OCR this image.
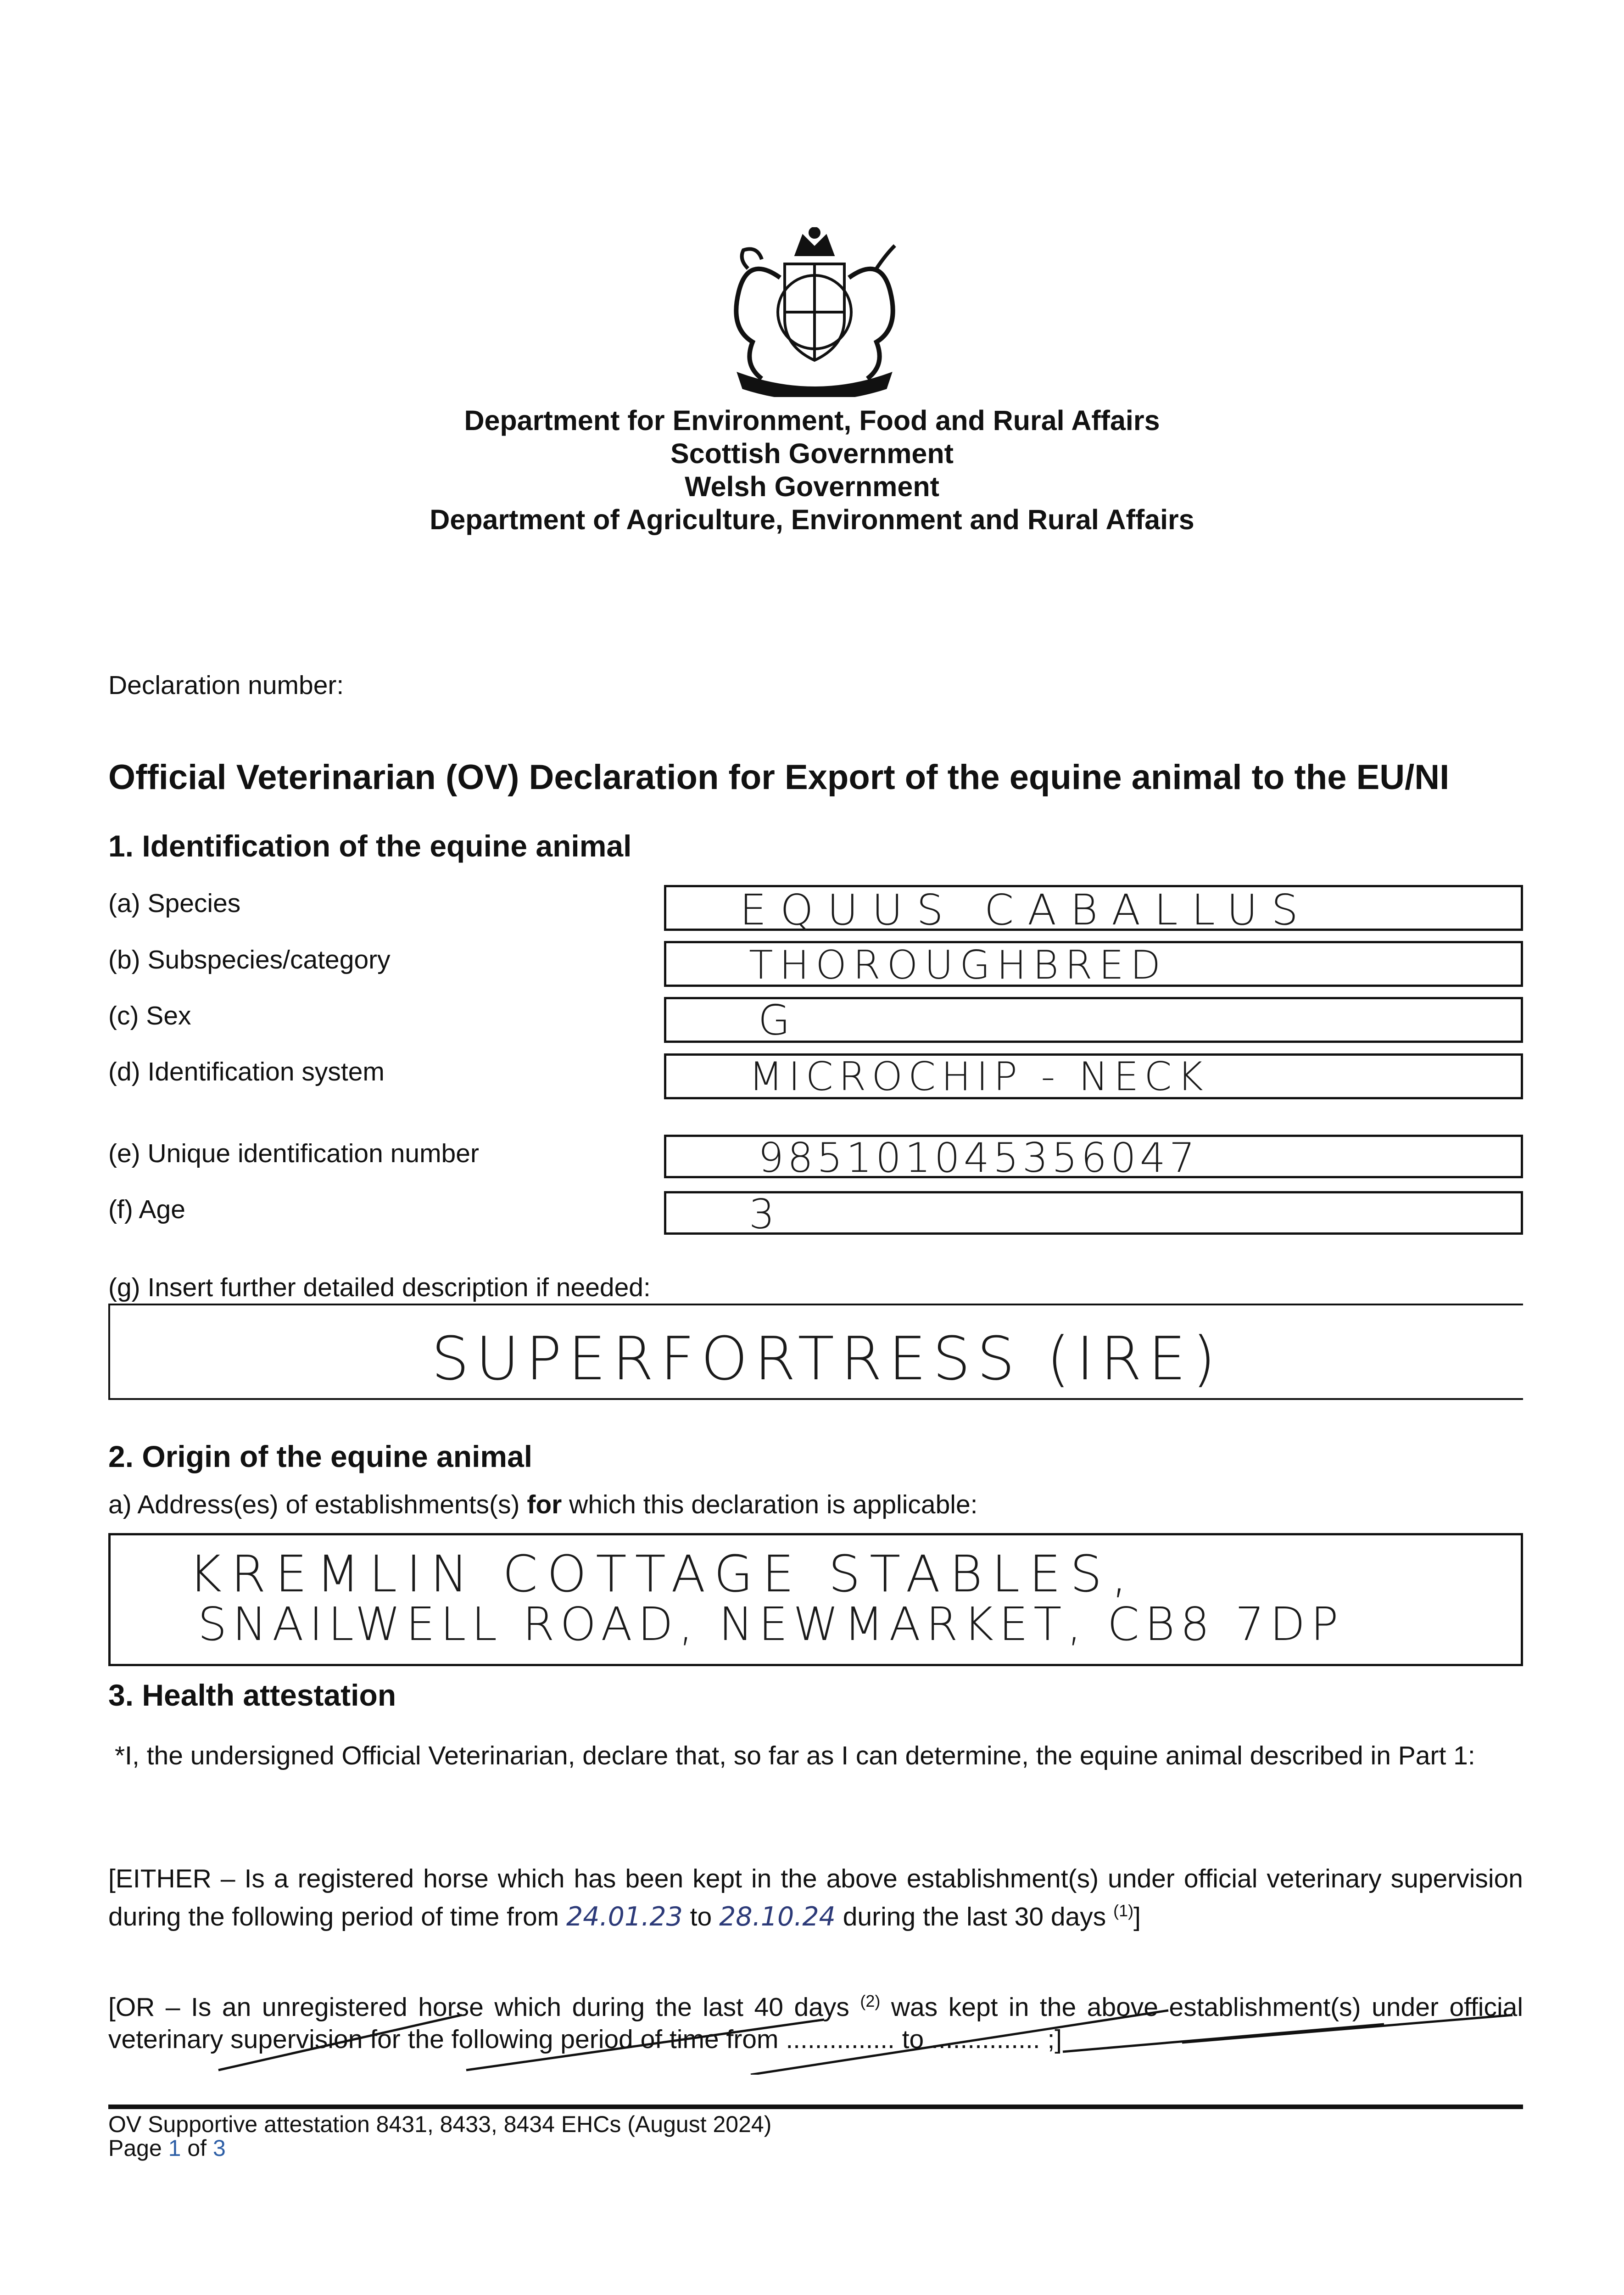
Department for Environment, Food and Rural Affairs
Scottish Government
Welsh Government
Department of Agriculture, Environment and Rural Affairs
Declaration number:
Official Veterinarian (OV) Declaration for Export of the equine animal to the EU/NI
1. Identification of the equine animal
(a) Species	EQUUS CABALLUS
(b) Subspecies/category	THOROUGHBRED
(c) Sex	G
(d) Identification system	MICROCHIP - NECK
(e) Unique identification number	985101045356047
(f) Age	3
(g) Insert further detailed description if needed:
SUPERFORTRESS (IRE)
2. Origin of the equine animal
a) Address(es) of establishments(s) for which this declaration is applicable:
KREMLIN COTTAGE STABLES,
SNAILWELL ROAD, NEWMARKET, CB8 7DP
3. Health attestation
*I, the undersigned Official Veterinarian, declare that, so far as I can determine, the equine animal described in Part 1:
[EITHER – Is a registered horse which has been kept in the above establishment(s) under official veterinary supervision during the following period of time from 24.01.23 to 28.10.24 during the last 30 days $^{(1)}$]
[OR – Is an unregistered horse which during the last 40 days $^{(2)}$ was kept in the above establishment(s) under official veterinary supervision for the following period of time from ............... to ............... ;]
OV Supportive attestation 8431, 8433, 8434 EHCs (August 2024)
Page 1 of 3
